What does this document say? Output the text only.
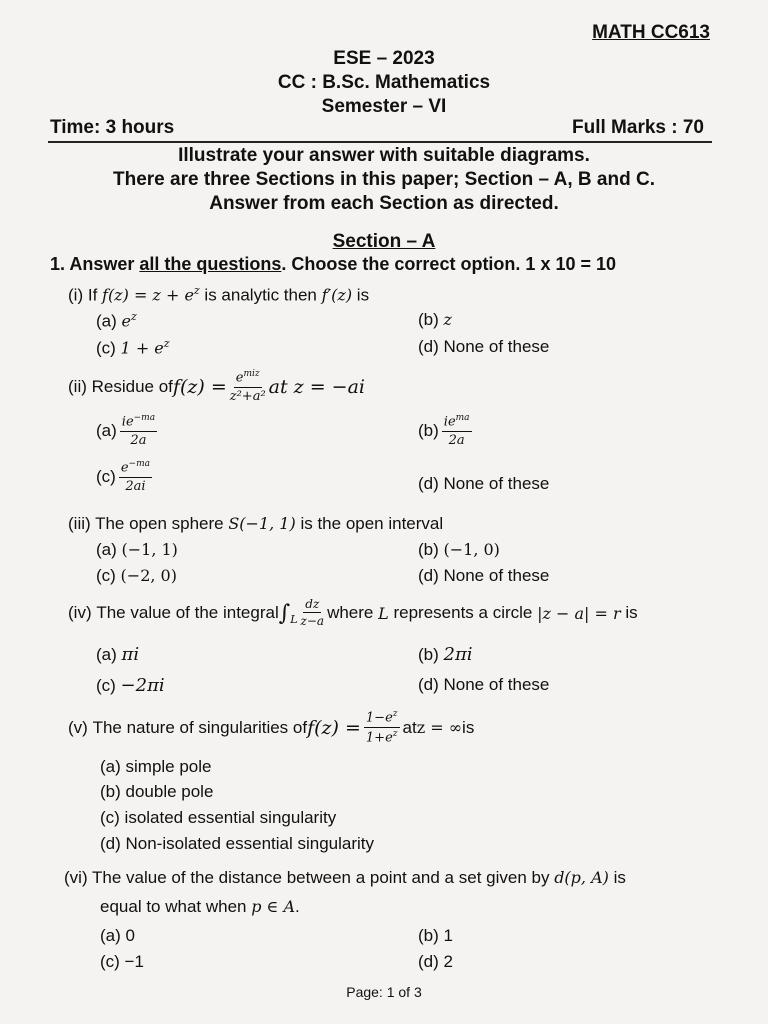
MATH CC613
ESE – 2023
CC : B.Sc. Mathematics
Semester – VI
Time: 3 hours	Full Marks : 70
Illustrate your answer with suitable diagrams.
There are three Sections in this paper; Section – A, B and C.
Answer from each Section as directed.
Section – A
1. Answer all the questions. Choose the correct option. 1 x 10 = 10
(i) If $f(z) = z + e^z$ is analytic then f′(z) is
(a) $e^z$	(b) z
(c) $1 + e^z$	(d) None of these
(ii)
Residue of $f(z) = \frac{e^{miz}}{\text{z²+a²}}$ at z = −ai
$(a) \frac{ie^{-ma}}{2a}$	$(b) \frac{ie^{ma}}{2a}$
$(c) \frac{e^{-ma}}{2ai}$	(d) None of these
(iii) The open sphere S(−1, 1) is the open interval
(a) (−1, 1)	(b) (−1, 0)
(c) (−2, 0)	(d) None of these
(iv)
The value of the integral $\int_L \frac{dz}{z-a}$ where
L
represents a circle
|z − a| = r
is
(a) πi	(b) 2πi
(c) −2πi	(d) None of these
(v)
The nature of singularities of $f(z) = \frac{1-e^z}{1+e^z}$ at z = ∞ is
(a) simple pole
(b) double pole
(c) isolated essential singularity
(d) Non-isolated essential singularity
(vi) The value of the distance between a point and a set given by d(p, A) is
equal to what when p ∈ A.
(a) 0	(b) 1
(c) −1	(d) 2
Page: 1 of 3
